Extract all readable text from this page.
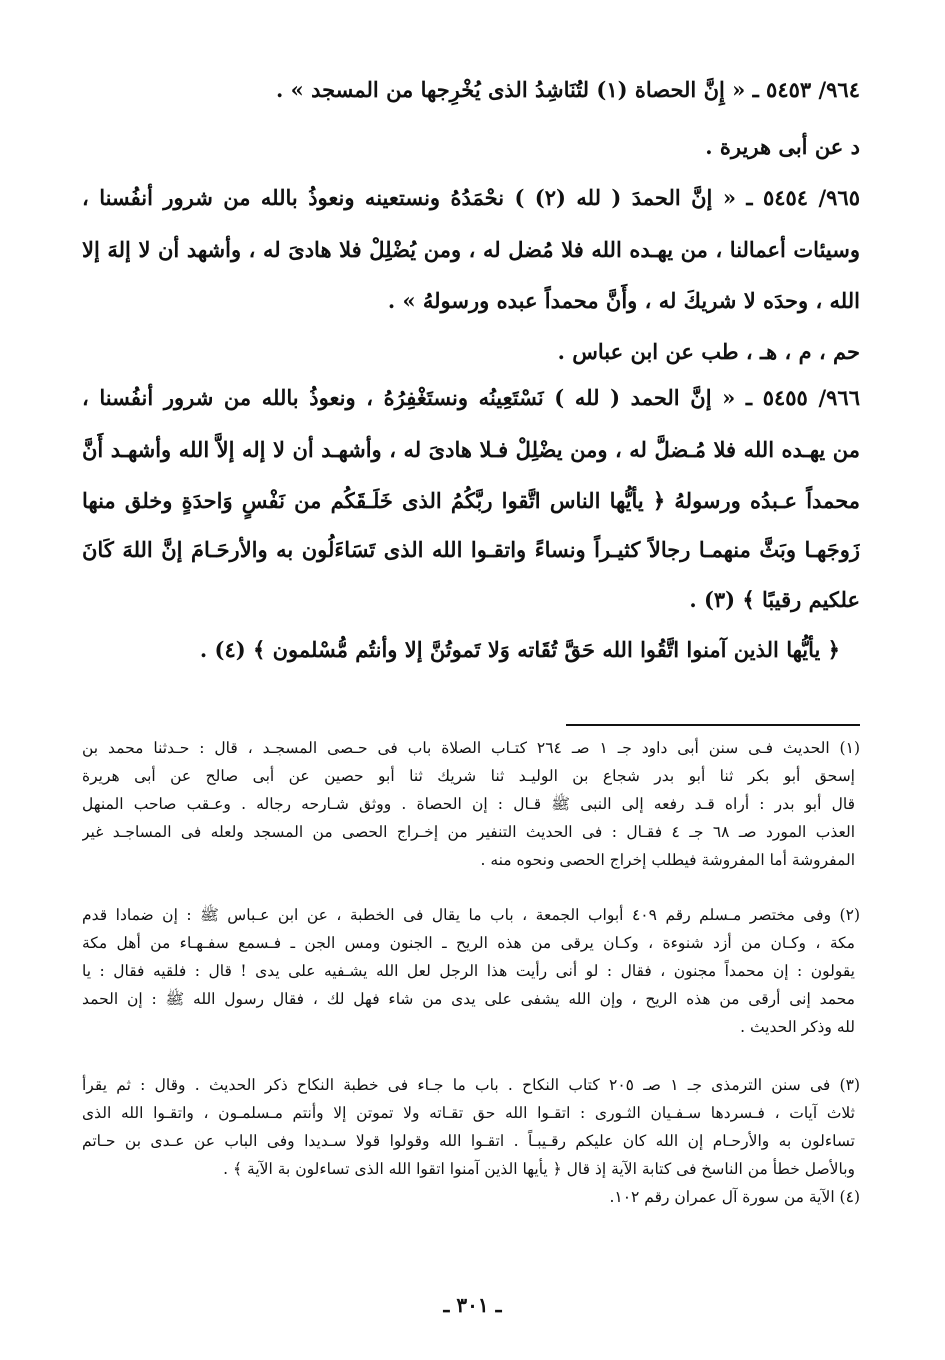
٩٦٤/ ٥٤٥٣ ـ « إِنَّ الحصاة (١) لتُنَاشِدُ الذى يُخْرِجها من المسجد » .
د عن أبى هريرة .
٩٦٥/ ٥٤٥٤ ـ « إنَّ الحمدَ ( لله (٢) ) نحْمَدُهُ ونستعينه ونعوذُ بالله من شرور أنفُسنا ،
وسيئات أعمالنا ، من يهـده الله فلا مُضل له ، ومن يُضْلِلْ فلا هادىَ له ، وأشهد أن لا إلهَ إلا
الله ، وحدَه لا شريكَ له ، وأَنَّ محمداً عبده ورسولهُ » .
حم ، م ، هـ ، طب عن ابن عباس .
٩٦٦/ ٥٤٥٥ ـ « إنَّ الحمد ( لله ) نَسْتَعِينُه ونستَغْفِرُهُ ، ونعوذُ بالله من شرور أنفُسنا ،
من يهـده الله فلا مُـضلَّ له ، ومن يضْلِلْ فـلا هادىَ له ، وأشهـد أن لا إله إلاَّ الله وأشهـد أَنَّ
محمداً عـبدُه ورسولهُ ﴿ يأيُّها الناس اتَّقوا ربَّكُمُ الذى خَلَـقَكُم من نَفْسٍ وَاحدَةٍ وخلق منها
زَوجَهـا وبَثَّ منهمـا رجالاً كثيـراً ونساءً واتقـوا الله الذى تَسَاءَلُون به والأرحَـامَ إنَّ اللهَ كَانَ
علكيم رقيبًا ﴾ (٣) .
﴿ يأيُّها الذين آمنوا اتَّقُوا الله حَقَّ تُقَاته وَلا تَموتُنَّ إلا وأنتُم مُّسْلمون ﴾ (٤) .
(١) الحديث فـى سنن أبى داود جـ ١ صـ ٢٦٤ كتـاب الصلاة باب فى حـصى المسجـد ، قال : حـدثنا محمد بن
إسحق أبو بكر ثنا أبو بدر شجاع بن الوليـد ثنا شريك ثنا أبو حصين عن أبى صالح عن أبى هريرة
قال أبو بدر : أراه قـد رفعه إلى النبى ﷺ قـال : إن الحصاة . ووثق شـارحه رجاله . وعـقب صاحب المنهل
العذب المورد صـ ٦٨ جـ ٤ فقـال : فى الحديث التنفير من إخـراج الحصى من المسجد ولعله فى المساجـد غير
المفروشة أما المفروشة فيطلب إخراج الحصى ونحوه منه .
(٢) وفى مختصر مـسلم رقم ٤٠٩ أبواب الجمعة ، باب ما يقال فى الخطبة ، عن ابن عـباس ﷺ : إن ضمادا قدم
مكة ، وكـان من أزد شنوءة ، وكـان يرقى من هذه الريح ـ الجنون ومس الجن ـ فـسمع سفـهـاء من أهل مكة
يقولون : إن محمداً مجنون ، فقال : لو أنى رأيت هذا الرجل لعل الله يشـفيه على يدى ! قال : فلقيه فقال : يا
محمد إنى أرقى من هذه الريح ، وإن الله يشفى على يدى من شاء فهل لك ، فقال رسول الله ﷺ : إن الحمد
لله وذكر الحديث .
(٣) فى سنن الترمذى جـ ١ صـ ٢٠٥ كتاب النكاح . باب ما جـاء فى خطبة النكاح ذكر الحديث . وقال : ثم يقرأ
ثلاث آيات ، فـسردها سـفـيان الثـورى : اتقـوا الله حق تقـاته ولا تموتن إلا وأنتم مـسلمـون ، واتقـوا الله الذى
تساءلون به والأرحـام إن الله كان عليكم رقـيبـاً . اتقـوا الله وقولوا قولا سـديدا وفى الباب عن عـدى بن حـاتم
وبالأصل خطأ من الناسخ فى كتابة الآية إذ قال ﴿ يأيها الذين آمنوا اتقوا الله الذى تساءلون بة الآية ﴾ .
(٤) الآية من سورة آل عمران رقم ١٠٢.
ـ ٣٠١ ـ
